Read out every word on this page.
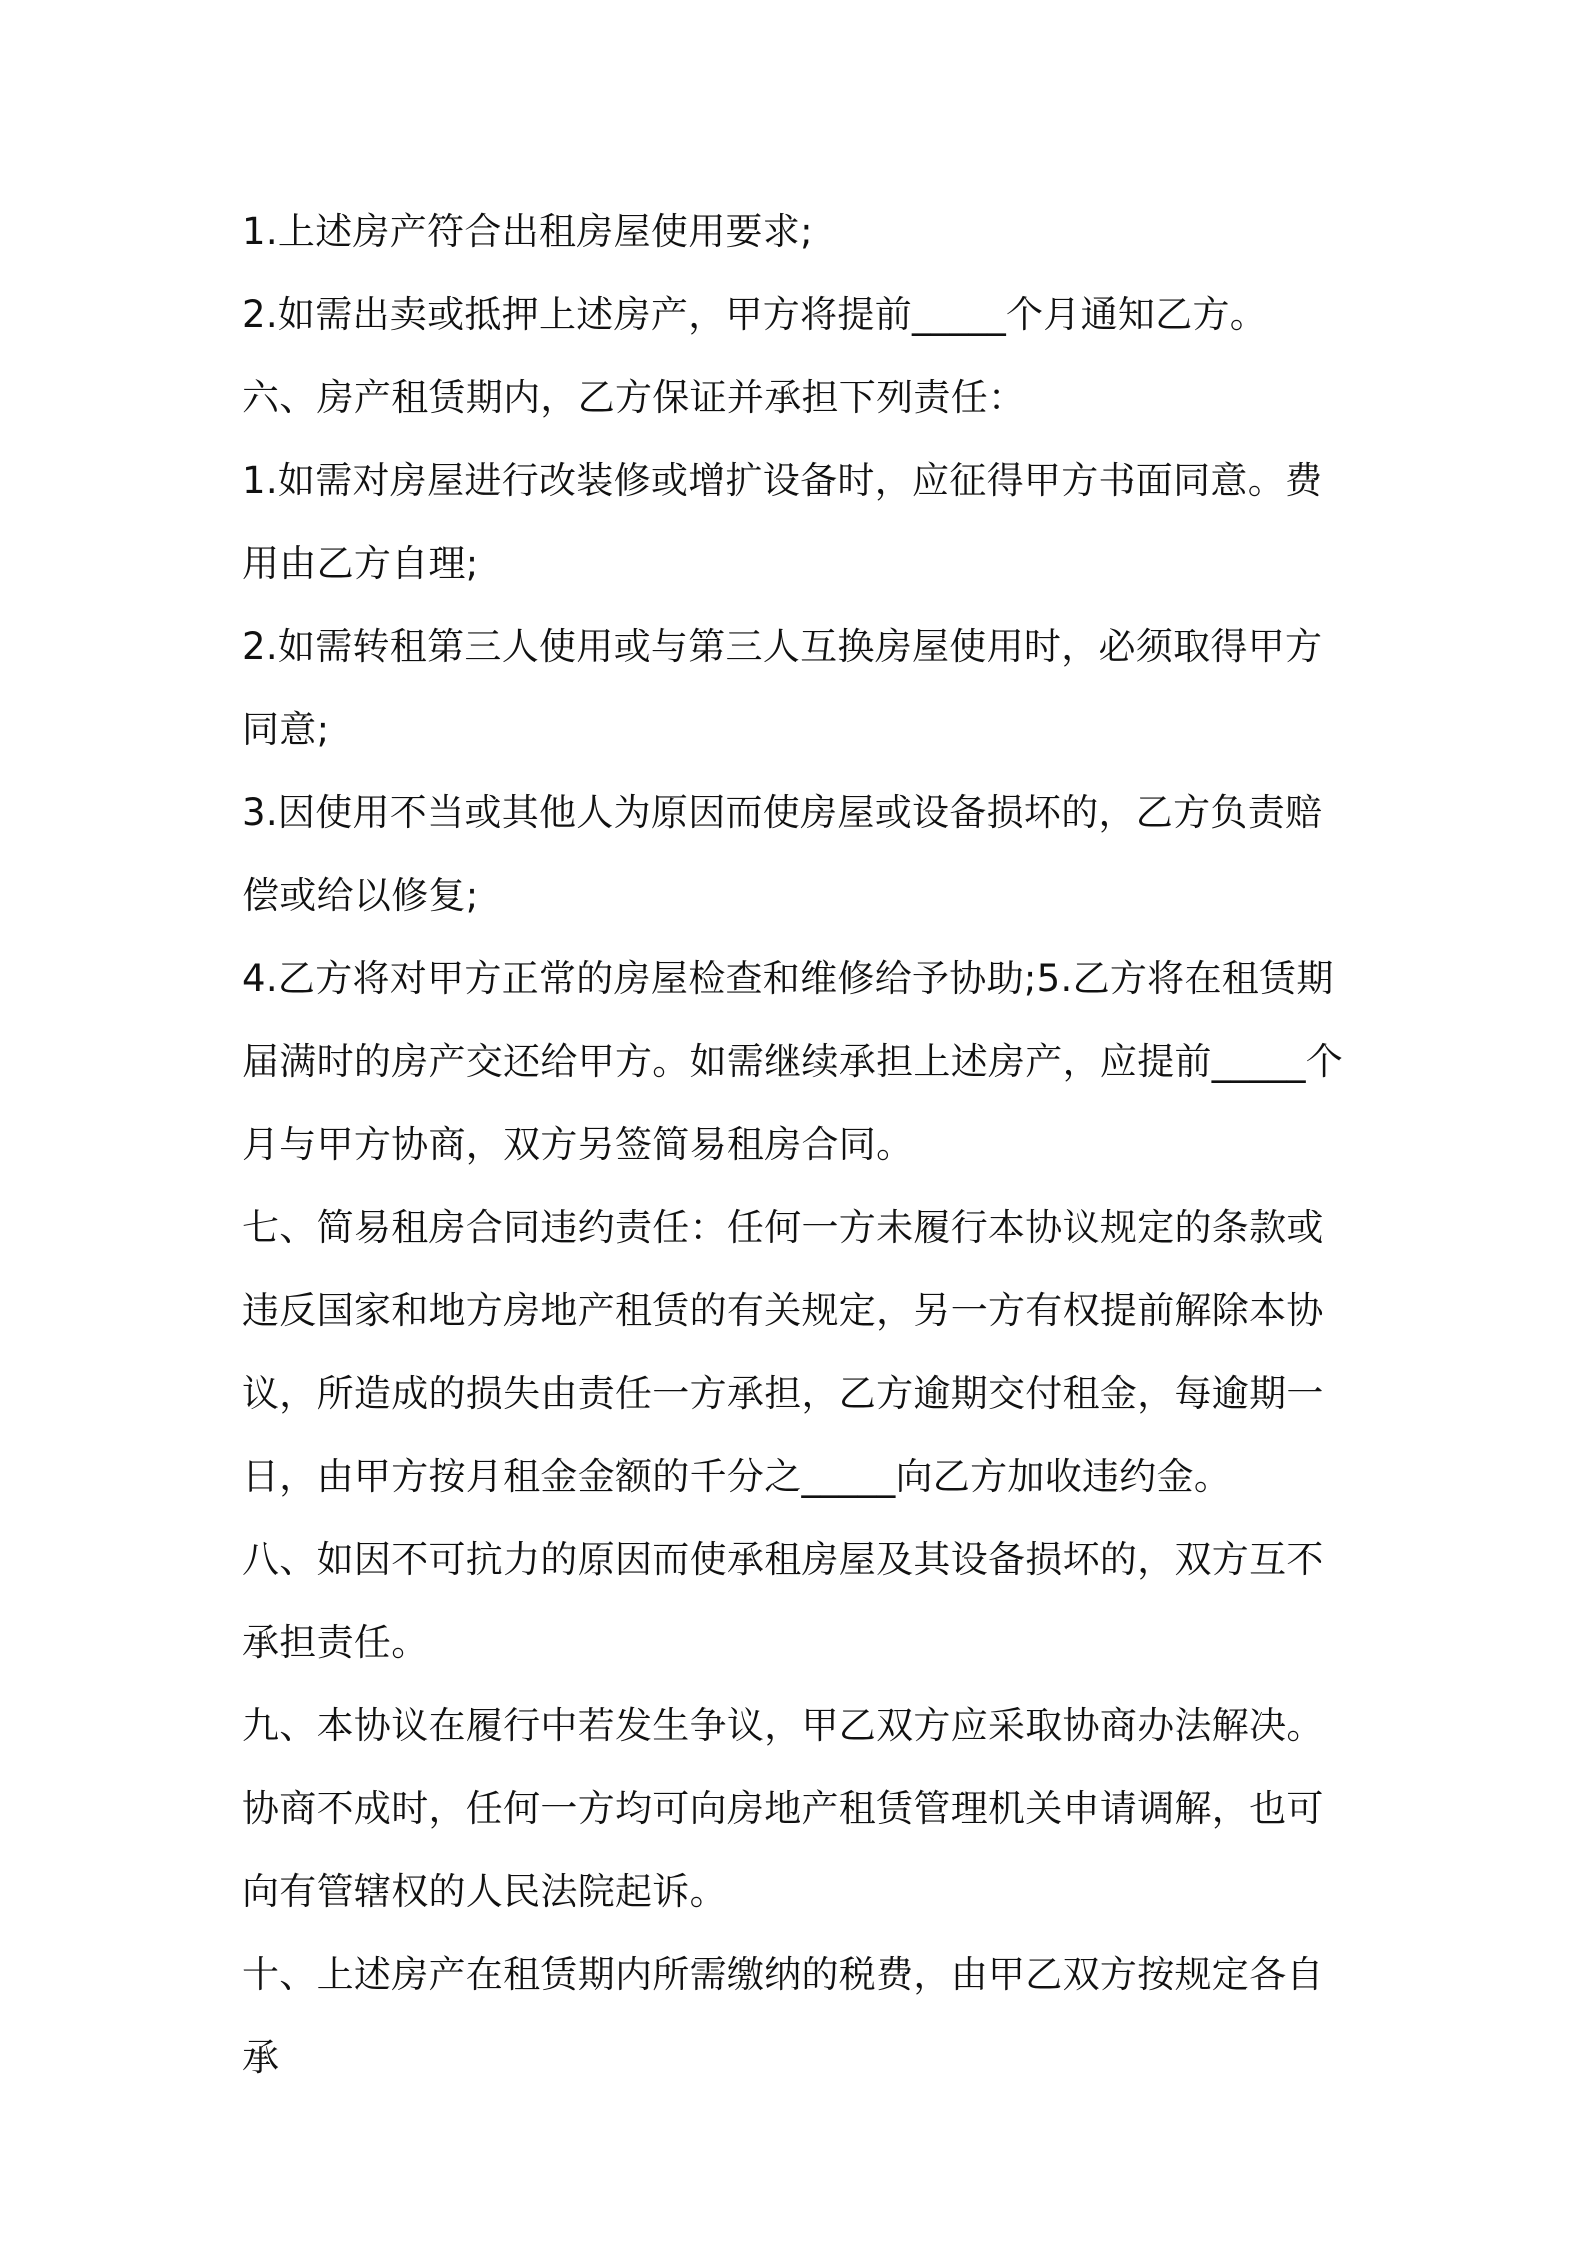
1.上述房产符合出租房屋使用要求;

2.如需出卖或抵押上述房产，甲方将提前_____个月通知乙方。

六、房产租赁期内，乙方保证并承担下列责任：

1.如需对房屋进行改装修或增扩设备时，应征得甲方书面同意。费用由乙方自理;

2.如需转租第三人使用或与第三人互换房屋使用时，必须取得甲方同意;

3.因使用不当或其他人为原因而使房屋或设备损坏的，乙方负责赔偿或给以修复;

4.乙方将对甲方正常的房屋检查和维修给予协助;5.乙方将在租赁期届满时的房产交还给甲方。如需继续承担上述房产，应提前_____个月与甲方协商，双方另签简易租房合同。

七、简易租房合同违约责任：任何一方未履行本协议规定的条款或违反国家和地方房地产租赁的有关规定，另一方有权提前解除本协议，所造成的损失由责任一方承担，乙方逾期交付租金，每逾期一日，由甲方按月租金金额的千分之_____向乙方加收违约金。

八、如因不可抗力的原因而使承租房屋及其设备损坏的，双方互不承担责任。

九、本协议在履行中若发生争议，甲乙双方应采取协商办法解决。协商不成时，任何一方均可向房地产租赁管理机关申请调解，也可向有管辖权的人民法院起诉。

十、上述房产在租赁期内所需缴纳的税费，由甲乙双方按规定各自承
